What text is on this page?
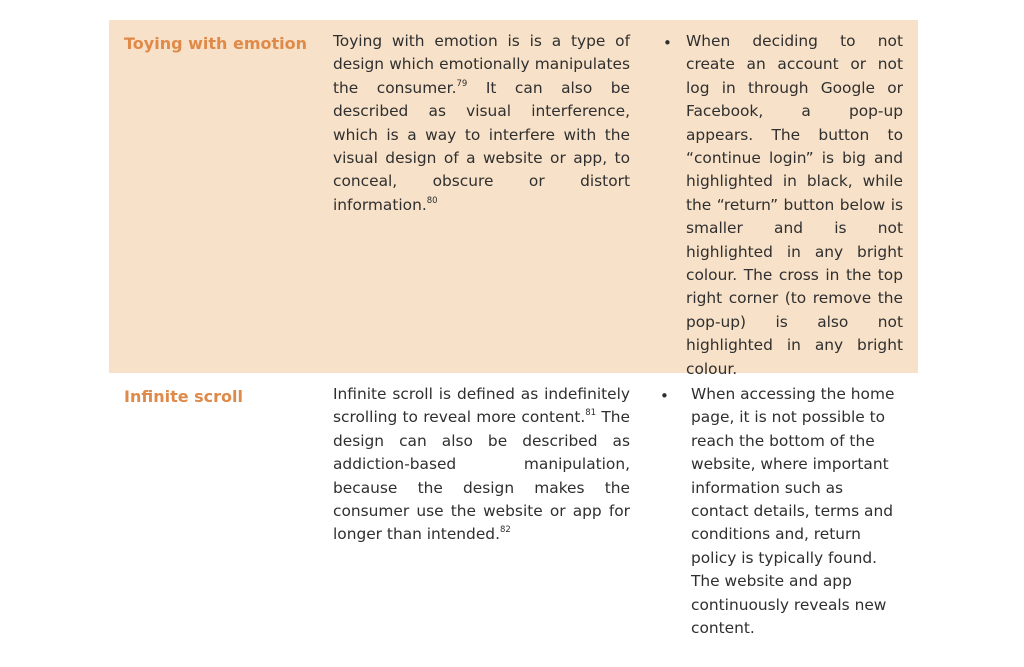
Toying with emotion Toying with emotion is is a type of design which emotionally manipulates the consumer.$^{79}$ It can also be described as visual interference, which is a way to interfere with the visual design of a website or app, to conceal, obscure or distort information.$^{80}$
• When deciding to not create an account or not log in through Google or Facebook, a pop-up appears. The button to “continue login” is big and highlighted in black, while the “return” button below is smaller and is not highlighted in any bright colour. The cross in the top right corner (to remove the pop-up) is also not highlighted in any bright colour.
Infinite scroll	Infinite scroll is defined as indefinitely scrolling to reveal more content.$^{81}$ The design can also be described as addiction-based manipulation, because the design makes the consumer use the website or app for longer than intended.$^{82}$
• When accessing the home page, it is not possible to reach the bottom of the website, where important information such as contact details, terms and conditions and, return policy is typically found. The website and app continuously reveals new content.
